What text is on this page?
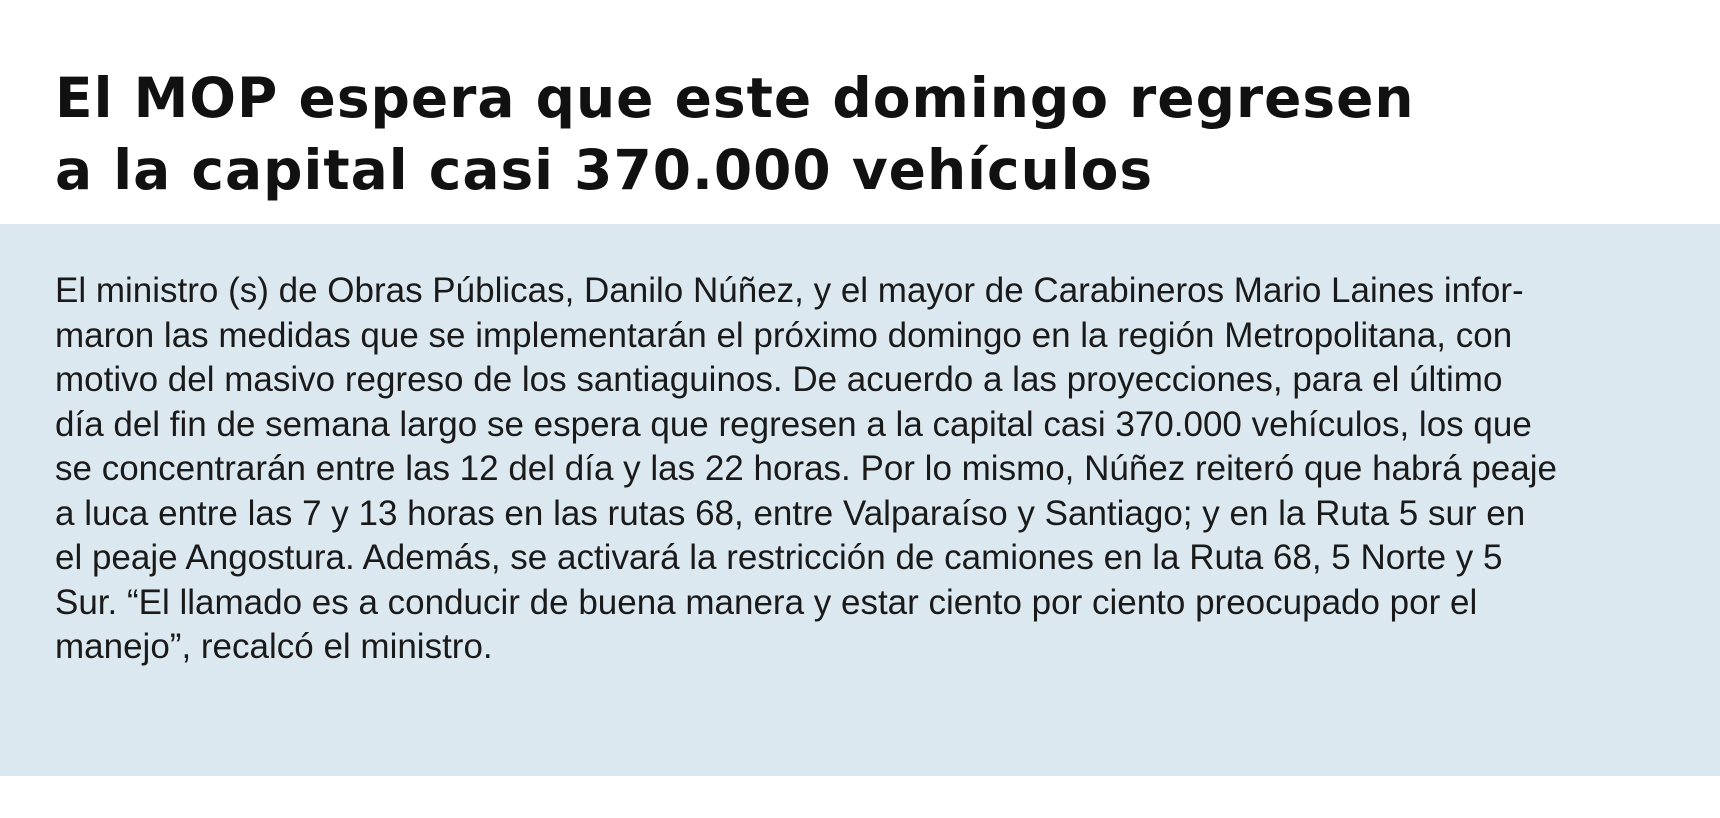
El MOP espera que este domingo regresen
a la capital casi 370.000 vehículos

El ministro (s) de Obras Públicas, Danilo Núñez, y el mayor de Carabineros Mario Laines infor-
maron las medidas que se implementarán el próximo domingo en la región Metropolitana, con
motivo del masivo regreso de los santiaguinos. De acuerdo a las proyecciones, para el último
día del fin de semana largo se espera que regresen a la capital casi 370.000 vehículos, los que
se concentrarán entre las 12 del día y las 22 horas. Por lo mismo, Núñez reiteró que habrá peaje
a luca entre las 7 y 13 horas en las rutas 68, entre Valparaíso y Santiago; y en la Ruta 5 sur en
el peaje Angostura. Además, se activará la restricción de camiones en la Ruta 68, 5 Norte y 5
Sur. “El llamado es a conducir de buena manera y estar ciento por ciento preocupado por el
manejo”, recalcó el ministro.
